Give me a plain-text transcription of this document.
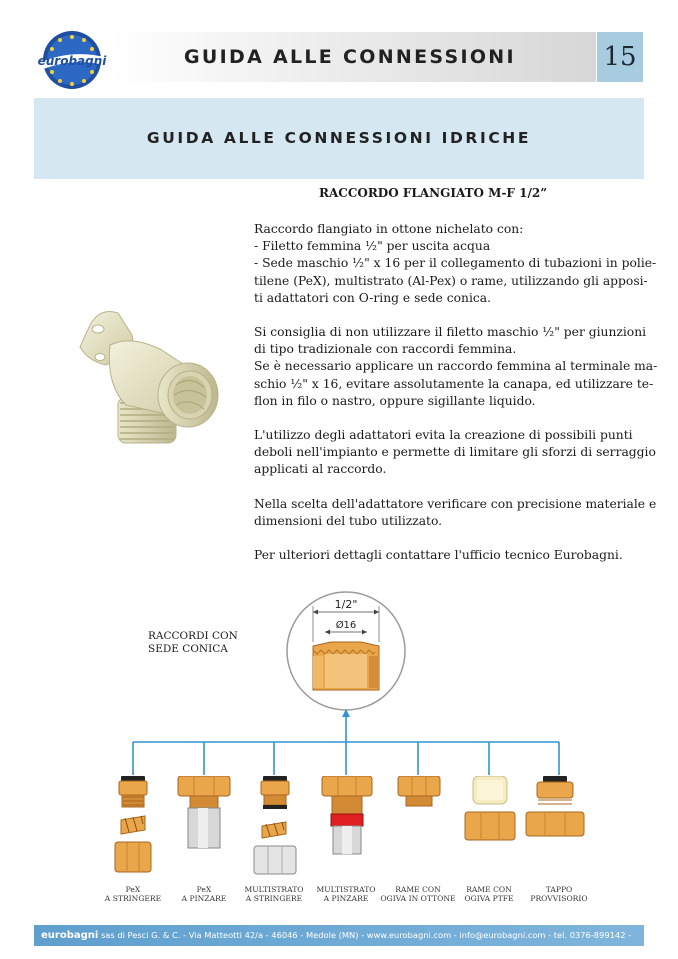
eurobagni	GUIDA ALLE CONNESSIONI	15
GUIDA ALLE CONNESSIONI IDRICHE
RACCORDO FLANGIATO M-F 1/2”

Raccordo flangiato in ottone nichelato con:
- Filetto femmina ½" per uscita acqua
- Sede maschio ½" x 16 per il collegamento di tubazioni in polie-
tilene (PeX), multistrato (Al-Pex) o rame, utilizzando gli apposi-
ti adattatori con O-ring e sede conica.

Si consiglia di non utilizzare il filetto maschio ½" per giunzioni
di tipo tradizionale con raccordi femmina.
Se è necessario applicare un raccordo femmina al terminale ma-
schio ½" x 16, evitare assolutamente la canapa, ed utilizzare te-
flon in filo o nastro, oppure sigillante liquido.

L'utilizzo degli adattatori evita la creazione di possibili punti
deboli nell'impianto e permette di limitare gli sforzi di serraggio
applicati al raccordo.

Nella scelta dell'adattatore verificare con precisione materiale e
dimensioni del tubo utilizzato.

Per ulteriori dettagli contattare l'ufficio tecnico Eurobagni.

RACCORDI CON
SEDE CONICA
1/2"
Ø16
PeX
A STRINGERE
PeX
A PINZARE
MULTISTRATO
A STRINGERE
MULTISTRATO
A PINZARE
RAME CON
OGIVA IN OTTONE
RAME CON
OGIVA PTFE
TAPPO
PROVVISORIO
eurobagni sas di Pesci G. & C. - Via Matteotti 42/a - 46046 - Medole (MN) - www.eurobagni.com - info@eurobagni.com - tel. 0376-899142 -
